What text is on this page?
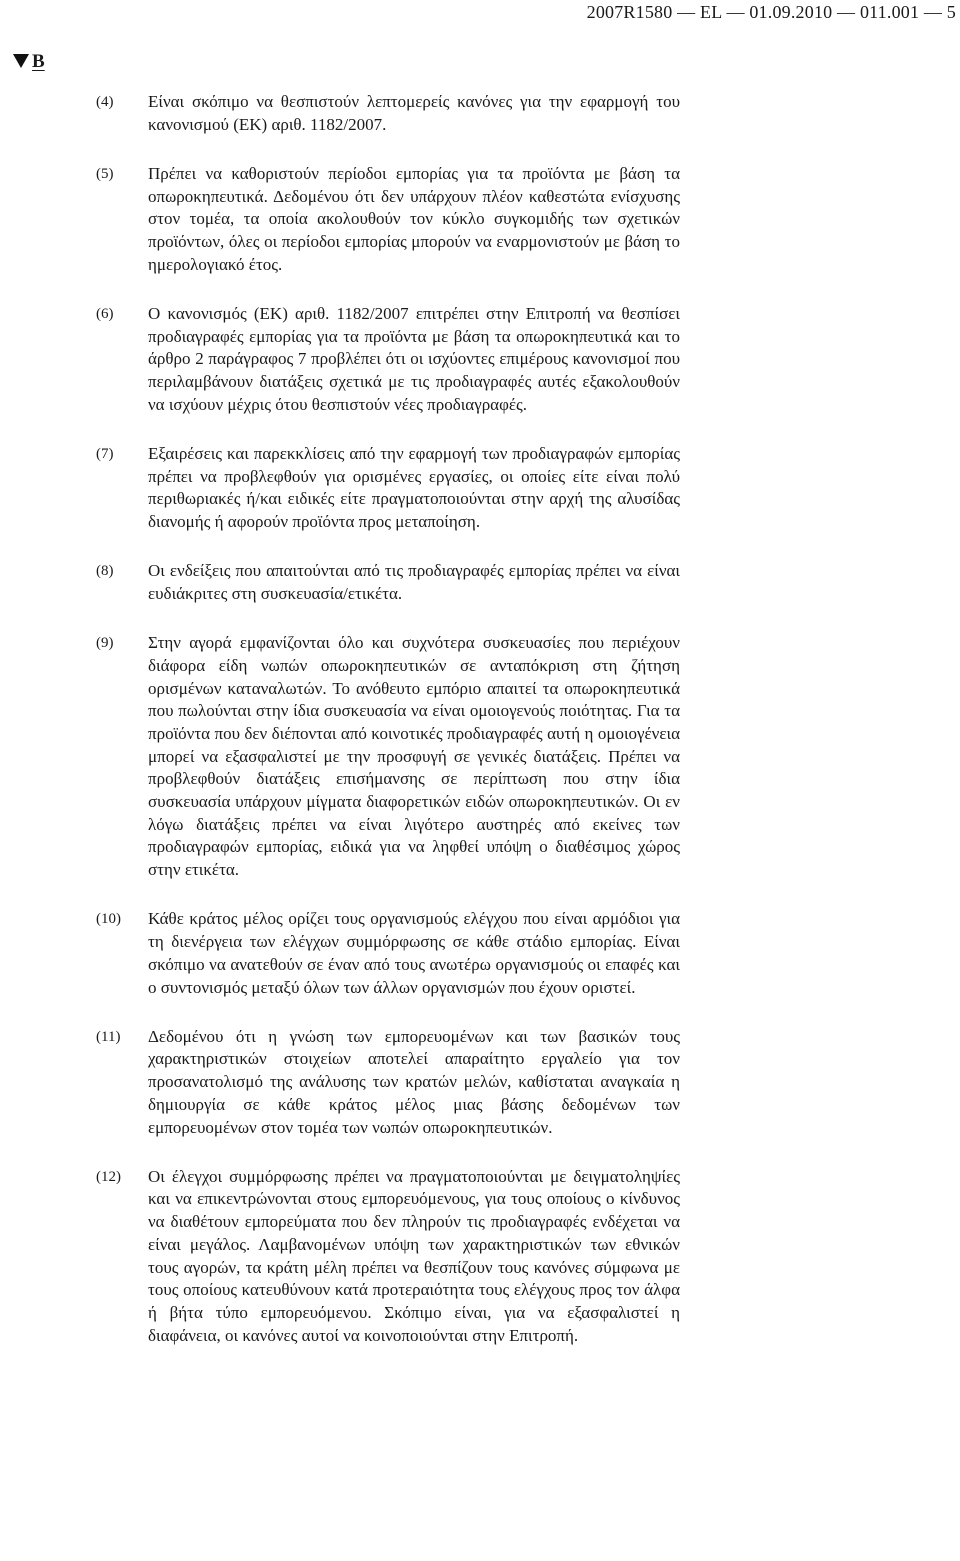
2007R1580 — EL — 01.09.2010 — 011.001 — 5
B
(4)	Είναι σκόπιμο να θεσπιστούν λεπτομερείς κανόνες για την εφαρμογή του κανονισμού (ΕΚ) αριθ. 1182/2007.
(5)	Πρέπει να καθοριστούν περίοδοι εμπορίας για τα προϊόντα με βάση τα οπωροκηπευτικά. Δεδομένου ότι δεν υπάρχουν πλέον καθεστώτα ενίσχυσης στον τομέα, τα οποία ακολουθούν τον κύκλο συγκομιδής των σχετικών προϊόντων, όλες οι περίοδοι εμπορίας μπορούν να εναρμονιστούν με βάση το ημερολογιακό έτος.
(6)	Ο κανονισμός (ΕΚ) αριθ. 1182/2007 επιτρέπει στην Επιτροπή να θεσπίσει προδιαγραφές εμπορίας για τα προϊόντα με βάση τα οπωροκηπευτικά και το άρθρο 2 παράγραφος 7 προβλέπει ότι οι ισχύοντες επιμέρους κανονισμοί που περιλαμβάνουν διατάξεις σχετικά με τις προδιαγραφές αυτές εξακολουθούν να ισχύουν μέχρις ότου θεσπιστούν νέες προδιαγραφές.
(7)	Εξαιρέσεις και παρεκκλίσεις από την εφαρμογή των προδιαγραφών εμπορίας πρέπει να προβλεφθούν για ορισμένες εργασίες, οι οποίες είτε είναι πολύ περιθωριακές ή/και ειδικές είτε πραγματοποιούνται στην αρχή της αλυσίδας διανομής ή αφορούν προϊόντα προς μεταποίηση.
(8)	Οι ενδείξεις που απαιτούνται από τις προδιαγραφές εμπορίας πρέπει να είναι ευδιάκριτες στη συσκευασία/ετικέτα.
(9)	Στην αγορά εμφανίζονται όλο και συχνότερα συσκευασίες που περιέχουν διάφορα είδη νωπών οπωροκηπευτικών σε ανταπόκριση στη ζήτηση ορισμένων καταναλωτών. Το ανόθευτο εμπόριο απαιτεί τα οπωροκηπευτικά που πωλούνται στην ίδια συσκευασία να είναι ομοιογενούς ποιότητας. Για τα προϊόντα που δεν διέπονται από κοινοτικές προδιαγραφές αυτή η ομοιογένεια μπορεί να εξασφαλιστεί με την προσφυγή σε γενικές διατάξεις. Πρέπει να προβλεφθούν διατάξεις επισήμανσης σε περίπτωση που στην ίδια συσκευασία υπάρχουν μίγματα διαφορετικών ειδών οπωροκηπευτικών. Οι εν λόγω διατάξεις πρέπει να είναι λιγότερο αυστηρές από εκείνες των προδιαγραφών εμπορίας, ειδικά για να ληφθεί υπόψη ο διαθέσιμος χώρος στην ετικέτα.
(10)	Κάθε κράτος μέλος ορίζει τους οργανισμούς ελέγχου που είναι αρμόδιοι για τη διενέργεια των ελέγχων συμμόρφωσης σε κάθε στάδιο εμπορίας. Είναι σκόπιμο να ανατεθούν σε έναν από τους ανωτέρω οργανισμούς οι επαφές και ο συντονισμός μεταξύ όλων των άλλων οργανισμών που έχουν οριστεί.
(11)	Δεδομένου ότι η γνώση των εμπορευομένων και των βασικών τους χαρακτηριστικών στοιχείων αποτελεί απαραίτητο εργαλείο για τον προσανατολισμό της ανάλυσης των κρατών μελών, καθίσταται αναγκαία η δημιουργία σε κάθε κράτος μέλος μιας βάσης δεδομένων των εμπορευομένων στον τομέα των νωπών οπωροκηπευτικών.
(12)	Οι έλεγχοι συμμόρφωσης πρέπει να πραγματοποιούνται με δειγματοληψίες και να επικεντρώνονται στους εμπορευόμενους, για τους οποίους ο κίνδυνος να διαθέτουν εμπορεύματα που δεν πληρούν τις προδιαγραφές ενδέχεται να είναι μεγάλος. Λαμβανομένων υπόψη των χαρακτηριστικών των εθνικών τους αγορών, τα κράτη μέλη πρέπει να θεσπίζουν τους κανόνες σύμφωνα με τους οποίους κατευθύνουν κατά προτεραιότητα τους ελέγχους προς τον άλφα ή βήτα τύπο εμπορευόμενου. Σκόπιμο είναι, για να εξασφαλιστεί η διαφάνεια, οι κανόνες αυτοί να κοινοποιούνται στην Επιτροπή.
